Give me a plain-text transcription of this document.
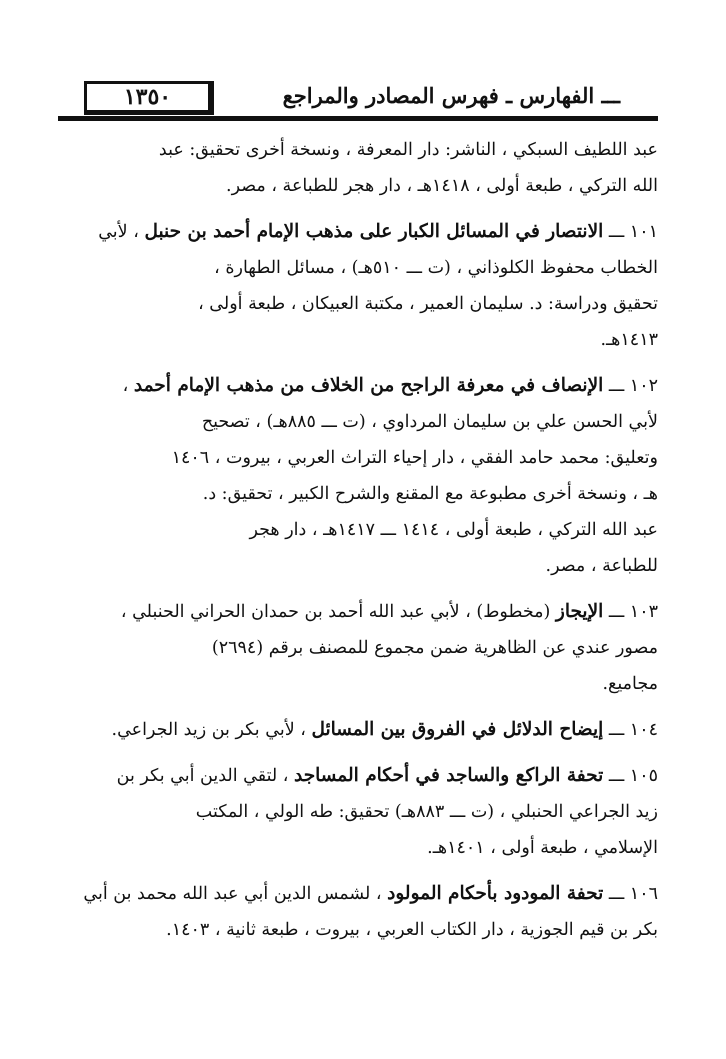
١٣٥٠	ـــ الفهارس ـ فهرس المصادر والمراجع
عبد اللطيف السبكي ، الناشر: دار المعرفة ، ونسخة أخرى تحقيق: عبد
الله التركي ، طبعة أولى ، ١٤١٨هـ ، دار هجر للطباعة ، مصر.
١٠١ ـــ الانتصار في المسائل الكبار على مذهب الإمام أحمد بن حنبل ، لأبي
الخطاب محفوظ الكلوذاني ، (ت ـــ ٥١٠هـ) ، مسائل الطهارة ،
تحقيق ودراسة: د. سليمان العمير ، مكتبة العبيكان ، طبعة أولى ،
١٤١٣هـ.
١٠٢ ـــ الإنصاف في معرفة الراجح من الخلاف من مذهب الإمام أحمد ،
لأبي الحسن علي بن سليمان المرداوي ، (ت ـــ ٨٨٥هـ) ، تصحيح
وتعليق: محمد حامد الفقي ، دار إحياء التراث العربي ، بيروت ، ١٤٠٦
هـ ، ونسخة أخرى مطبوعة مع المقنع والشرح الكبير ، تحقيق: د.
عبد الله التركي ، طبعة أولى ، ١٤١٤ ـــ ١٤١٧هـ ، دار هجر
للطباعة ، مصر.
١٠٣ ـــ الإيجاز (مخطوط) ، لأبي عبد الله أحمد بن حمدان الحراني الحنبلي ،
مصور عندي عن الظاهرية ضمن مجموع للمصنف برقم (٢٦٩٤)
مجاميع.
١٠٤ ـــ إيضاح الدلائل في الفروق بين المسائل ، لأبي بكر بن زيد الجراعي.
١٠٥ ـــ تحفة الراكع والساجد في أحكام المساجد ، لتقي الدين أبي بكر بن
زيد الجراعي الحنبلي ، (ت ـــ ٨٨٣هـ) تحقيق: طه الولي ، المكتب
الإسلامي ، طبعة أولى ، ١٤٠١هـ.
١٠٦ ـــ تحفة المودود بأحكام المولود ، لشمس الدين أبي عبد الله محمد بن أبي
بكر بن قيم الجوزية ، دار الكتاب العربي ، بيروت ، طبعة ثانية ، ١٤٠٣.
